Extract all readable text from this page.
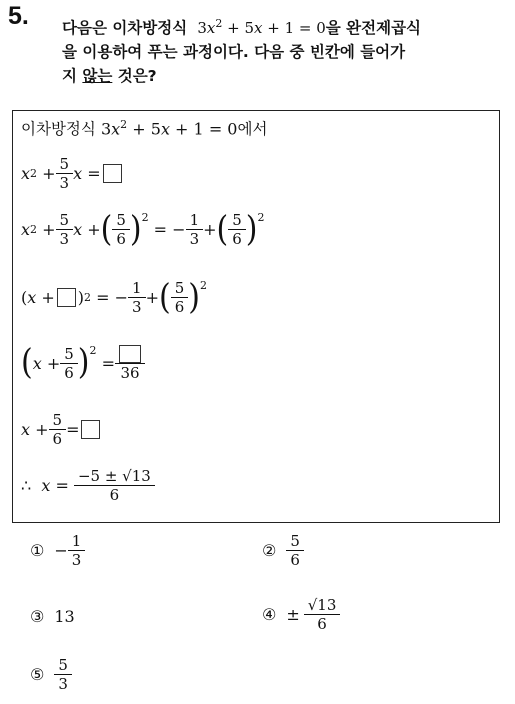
5. 다음은 이차방정식  $3x^2 + 5x + 1 = 0$을 완전제곱식
을 이용하여 푸는 과정이다. 다음 중 빈칸에 들어가
지 않는 것은?
이차방정식 $3x^2 + 5x + 1 = 0$ 에서
x $2 + \frac{5}{3}$ x =
x $2 + \frac{5}{3}$ x + ( $\frac{5}{6}$ ) 2
= − $\frac{1}{3}$ + ( $\frac{5}{6}$ ) 2
( x + ) 2 = − $\frac{1}{3}$ + ( $\frac{5}{6}$ ) 2
( $x + \frac{5}{6}$ ) 2
=
36
$x + \frac{5}{6}$ =
∴
$x = \frac{-5 \pm √13}{6}$
① − $\frac{1}{3}$	② $\frac{5}{6}$
③ 13	④ ± $\frac{√13}{6}$
⑤ $\frac{5}{3}$
